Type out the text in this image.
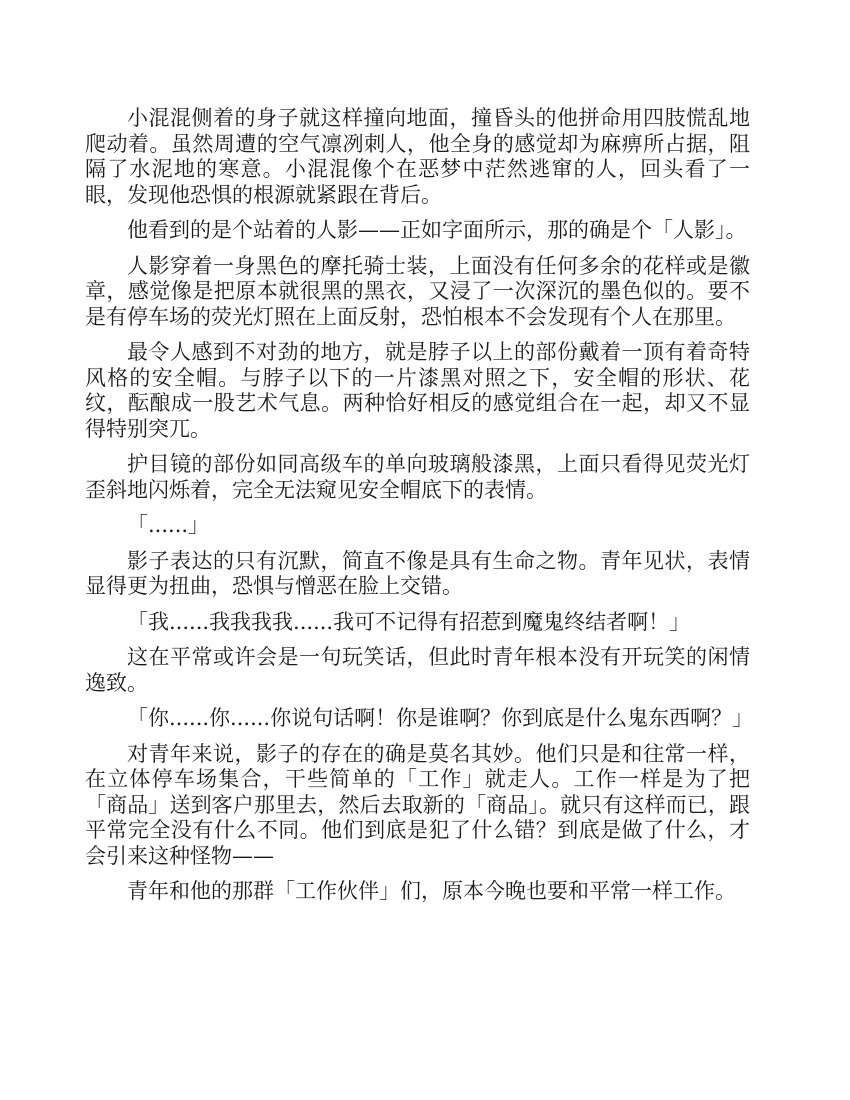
小混混侧着的身子就这样撞向地面，撞昏头的他拼命用四肢慌乱地爬动着。虽然周遭的空气凛冽刺人，他全身的感觉却为麻痹所占据，阻隔了水泥地的寒意。小混混像个在恶梦中茫然逃窜的人，回头看了一眼，发现他恐惧的根源就紧跟在背后。

他看到的是个站着的人影——正如字面所示，那的确是个「人影」。

人影穿着一身黑色的摩托骑士装，上面没有任何多余的花样或是徽章，感觉像是把原本就很黑的黑衣，又浸了一次深沉的墨色似的。要不是有停车场的荧光灯照在上面反射，恐怕根本不会发现有个人在那里。

最令人感到不对劲的地方，就是脖子以上的部份戴着一顶有着奇特风格的安全帽。与脖子以下的一片漆黑对照之下，安全帽的形状、花纹，酝酿成一股艺术气息。两种恰好相反的感觉组合在一起，却又不显得特别突兀。

护目镜的部份如同高级车的单向玻璃般漆黑，上面只看得见荧光灯歪斜地闪烁着，完全无法窥见安全帽底下的表情。

「......」

影子表达的只有沉默，简直不像是具有生命之物。青年见状，表情显得更为扭曲，恐惧与憎恶在脸上交错。

「我......我我我我......我可不记得有招惹到魔鬼终结者啊！」

这在平常或许会是一句玩笑话，但此时青年根本没有开玩笑的闲情逸致。

「你......你......你说句话啊！你是谁啊？你到底是什么鬼东西啊？」

对青年来说，影子的存在的确是莫名其妙。他们只是和往常一样，在立体停车场集合，干些简单的「工作」就走人。工作一样是为了把「商品」送到客户那里去，然后去取新的「商品」。就只有这样而已，跟平常完全没有什么不同。他们到底是犯了什么错？到底是做了什么，才会引来这种怪物——

青年和他的那群「工作伙伴」们，原本今晚也要和平常一样工作。
